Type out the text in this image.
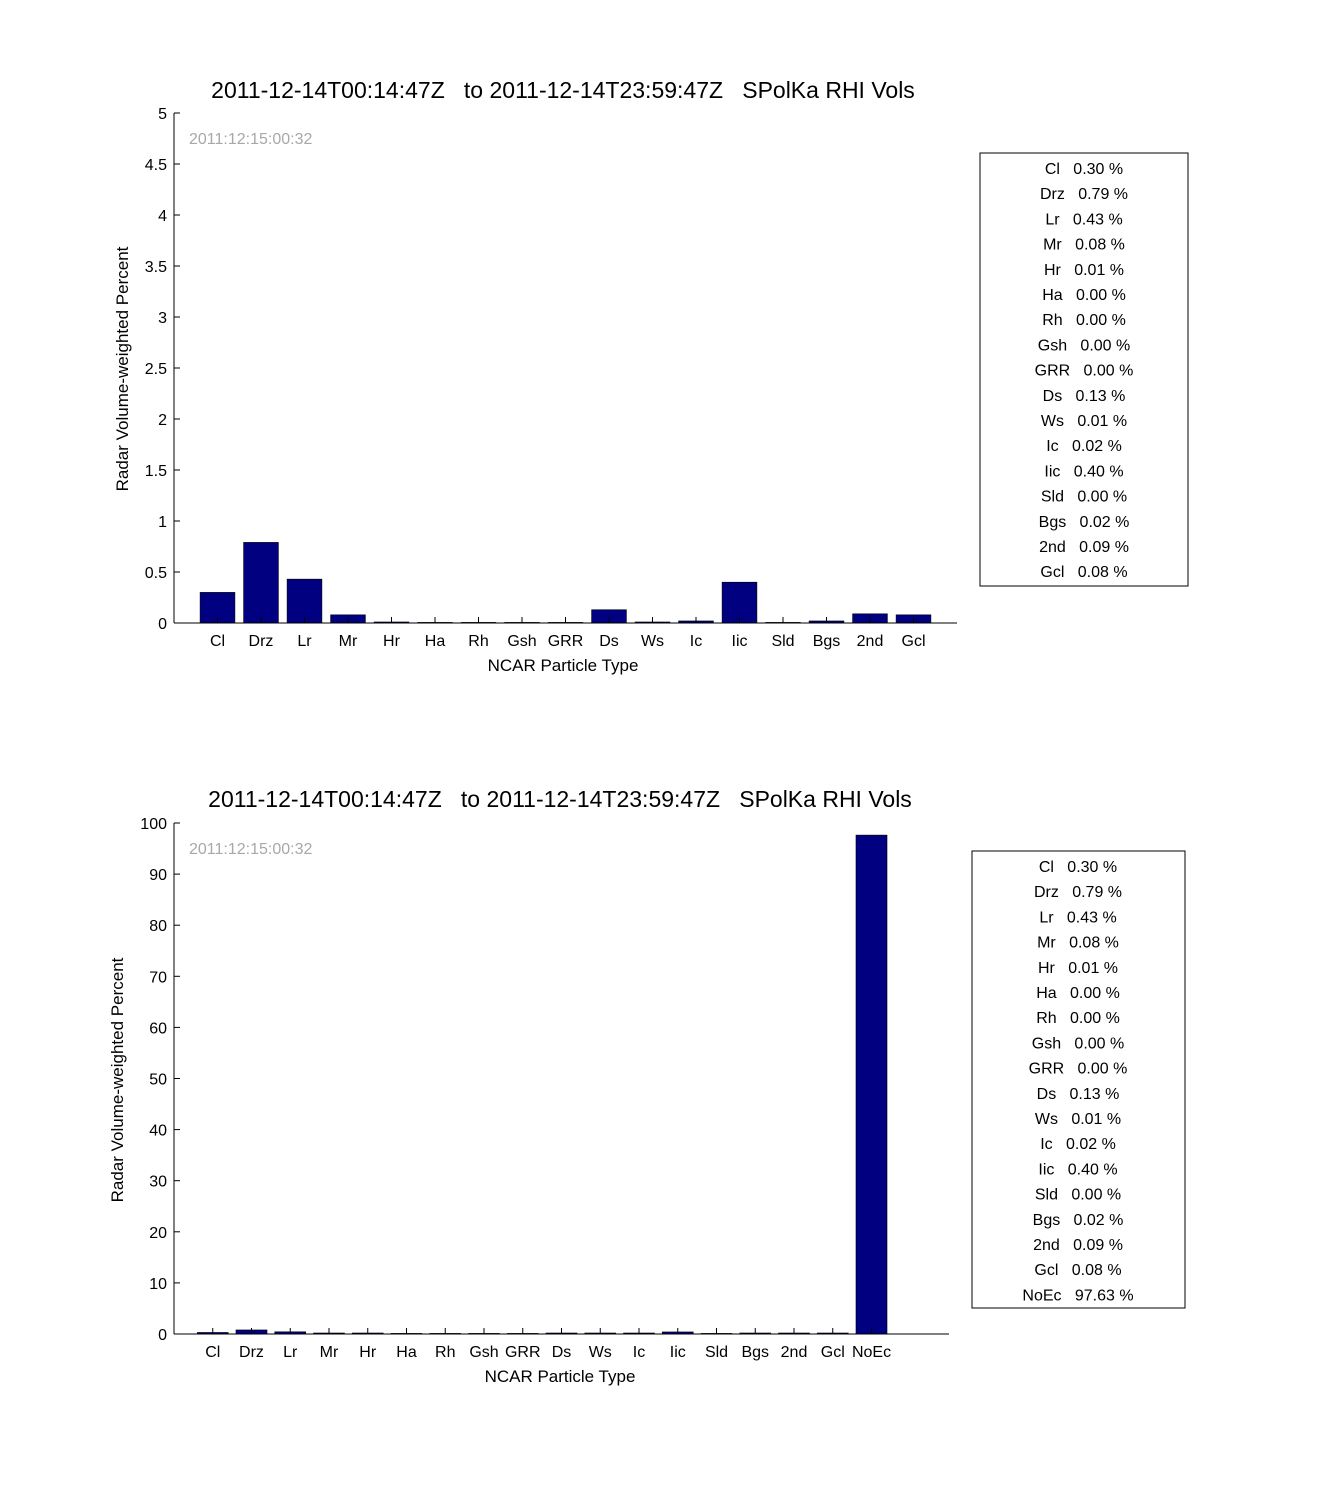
2011-12-14T00:14:47Z   to 2011-12-14T23:59:47Z   SPolKa RHI Vols
2011:12:15:00:32
NCAR Particle Type
Radar Volume-weighted Percent
0
0.5
1
1.5
2
2.5
3
3.5
4
4.5
5
Cl Drz Lr Mr Hr Ha Rh Gsh GRR Ds Ws Ic Iic Sld Bgs 2nd Gcl
Cl   0.30 %
Drz   0.79 %
Lr   0.43 %
Mr   0.08 %
Hr   0.01 %
Ha   0.00 %
Rh   0.00 %
Gsh   0.00 %
GRR   0.00 %
Ds   0.13 %
Ws   0.01 %
Ic   0.02 %
Iic   0.40 %
Sld   0.00 %
Bgs   0.02 %
2nd   0.09 %
Gcl   0.08 %
2011-12-14T00:14:47Z   to 2011-12-14T23:59:47Z   SPolKa RHI Vols
2011:12:15:00:32
NCAR Particle Type
Radar Volume-weighted Percent
0
10
20
30
40
50
60
70
80
90
100
Cl Drz Lr Mr Hr Ha Rh Gsh GRR Ds Ws Ic Iic Sld Bgs 2nd Gcl NoEc
Cl   0.30 %
Drz   0.79 %
Lr   0.43 %
Mr   0.08 %
Hr   0.01 %
Ha   0.00 %
Rh   0.00 %
Gsh   0.00 %
GRR   0.00 %
Ds   0.13 %
Ws   0.01 %
Ic   0.02 %
Iic   0.40 %
Sld   0.00 %
Bgs   0.02 %
2nd   0.09 %
Gcl   0.08 %
NoEc   97.63 %
